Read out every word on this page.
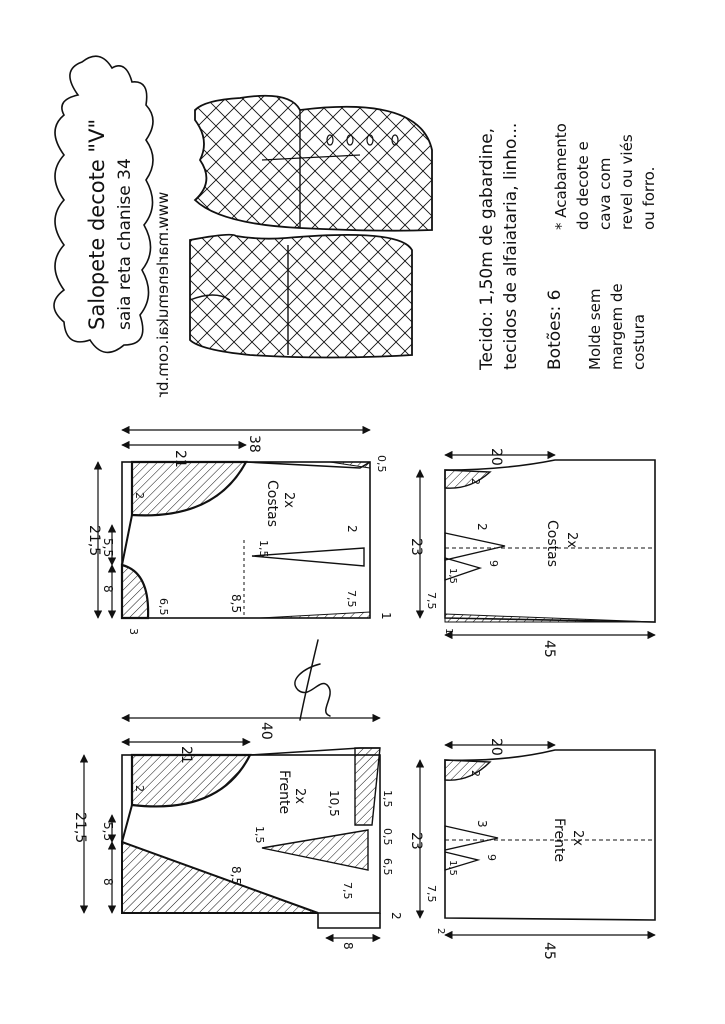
Salopete decote "V" saia reta chanise 34 www.marlenemukai.com.br	Tecido: 1,50m de gabardine, tecidos de alfaiataria, linho... Botões: 6
* Acabamento do decote e cava com revel ou viés ou forro.
Molde sem margem de costura
38
21
21,5 5,5
8
6,5
3
2
0,5
2
1,5
8,5	7,5
1
Costas 2x
40
21
21,5 5,5
8	8,5
2
10,5	1,5
0,5
1,5
6,5
7,5
8
2
Frente 2x
20
23
45
7,5
2
9
1,5
2
1
Costas 2x
20
23
45
7,5
3
9
1,5
2
2
Frente 2x
